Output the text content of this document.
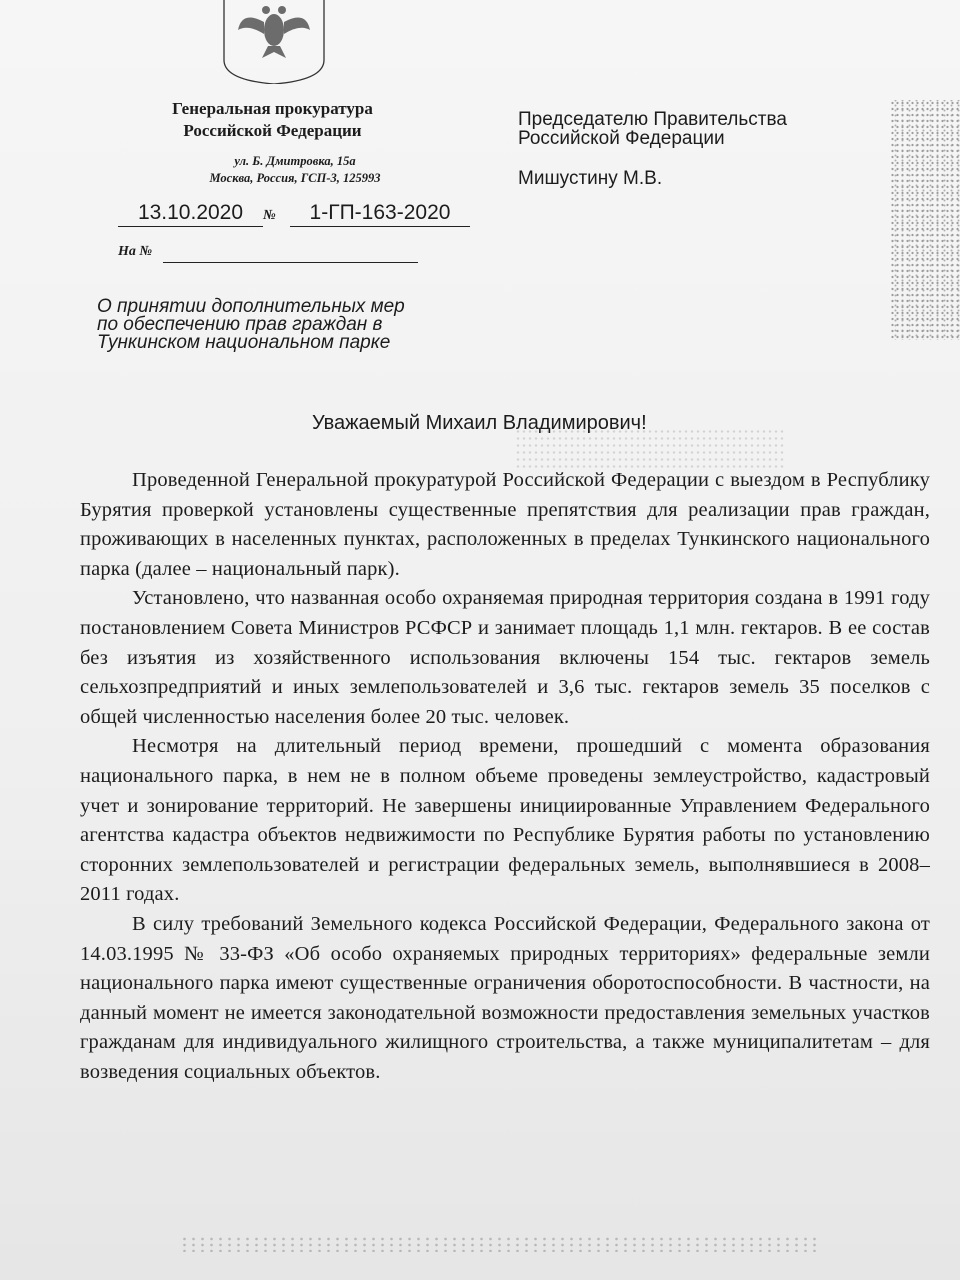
Генеральная прокуратура
Российской Федерации
ул. Б. Дмитровка, 15а
Москва, Россия, ГСП-3, 125993
13.10.2020	№	1-ГП-163-2020
На №
О принятии дополнительных мер
по обеспечению прав граждан в
Тункинском национальном парке
Председателю Правительства
Российской Федерации
Мишустину М.В.
Уважаемый Михаил Владимирович!

Проведенной Генеральной прокуратурой Российской Федерации с выездом в Республику Бурятия проверкой установлены существенные препятствия для реализации прав граждан, проживающих в населенных пунктах, расположенных в пределах Тункинского национального парка (далее – национальный парк).

Установлено, что названная особо охраняемая природная территория создана в 1991 году постановлением Совета Министров РСФСР и занимает площадь 1,1 млн. гектаров. В ее состав без изъятия из хозяйственного использования включены 154 тыс. гектаров земель сельхозпредприятий и иных землепользователей и 3,6 тыс. гектаров земель 35 поселков с общей численностью населения более 20 тыс. человек.

Несмотря на длительный период времени, прошедший с момента образования национального парка, в нем не в полном объеме проведены землеустройство, кадастровый учет и зонирование территорий. Не завершены инициированные Управлением Федерального агентства кадастра объектов недвижимости по Республике Бурятия работы по установлению сторонних землепользователей и регистрации федеральных земель, выполнявшиеся в 2008–2011 годах.

В силу требований Земельного кодекса Российской Федерации, Федерального закона от 14.03.1995 № 33-ФЗ «Об особо охраняемых природных территориях» федеральные земли национального парка имеют существенные ограничения оборотоспособности. В частности, на данный момент не имеется законодательной возможности предоставления земельных участков гражданам для индивидуального жилищного строительства, а также муниципалитетам – для возведения социальных объектов.
